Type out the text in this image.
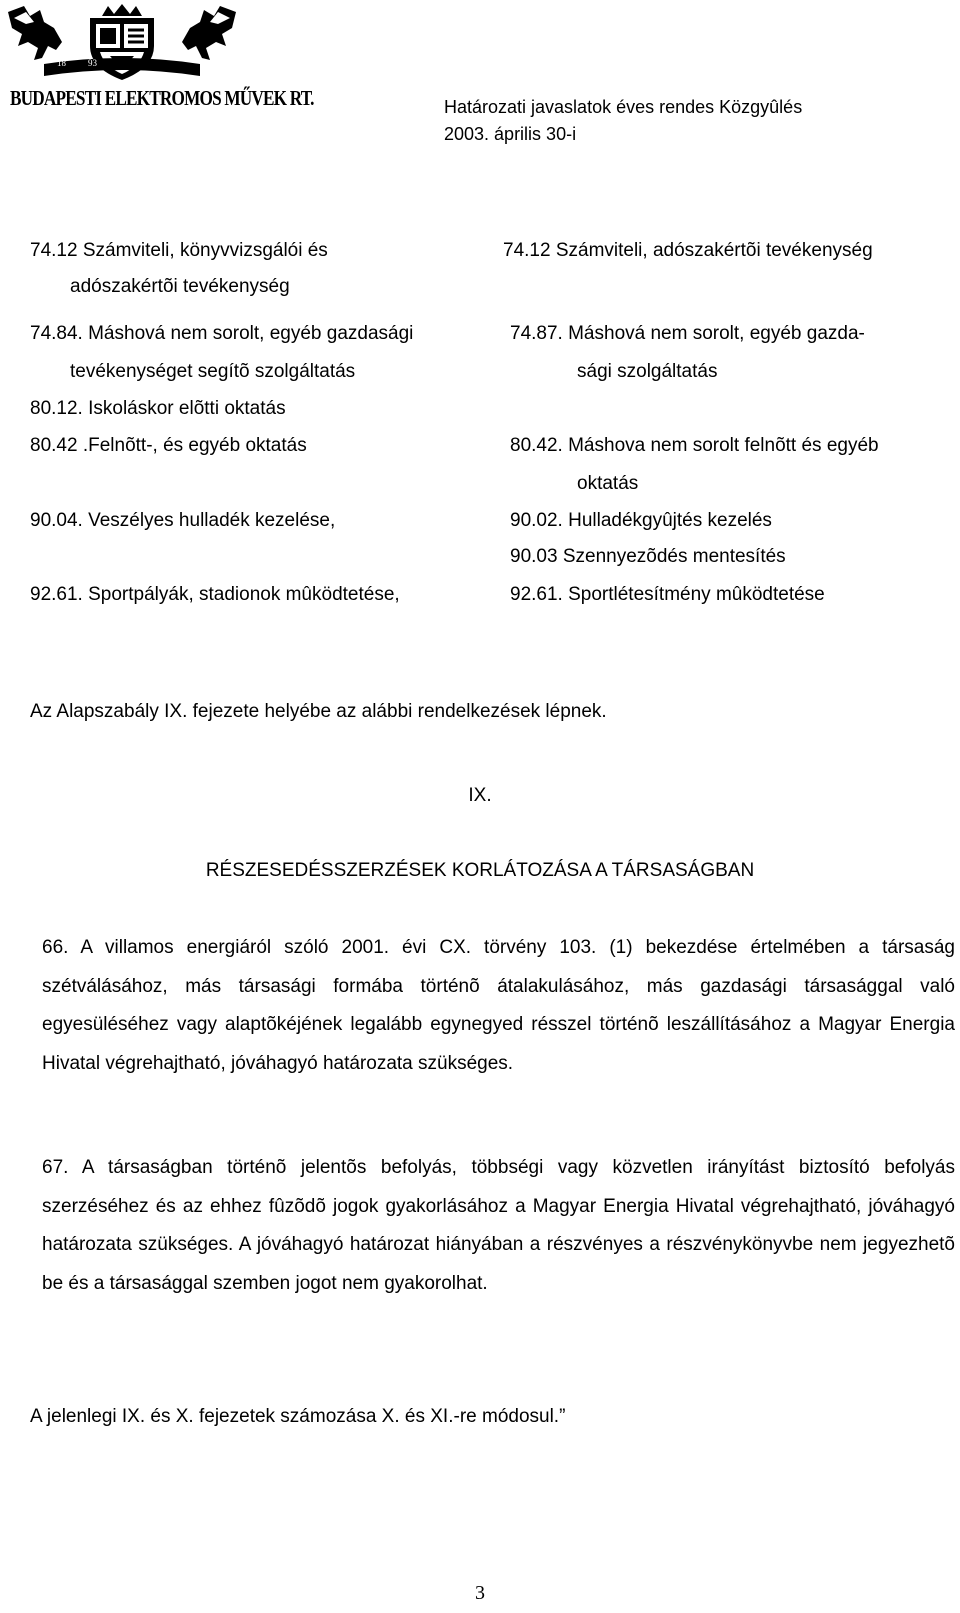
18 93
BUDAPESTI ELEKTROMOS MŰVEK RT.	Határozati javaslatok éves rendes Közgyûlés
2003. április 30-i
74.12 Számviteli, könyvvizsgálói és
adószakértõi tevékenység
74.84. Máshová nem sorolt, egyéb gazdasági
tevékenységet segítõ szolgáltatás
80.12. Iskoláskor elõtti oktatás
80.42 .Felnõtt-, és egyéb oktatás
90.04. Veszélyes hulladék kezelése,
92.61. Sportpályák, stadionok mûködtetése,
74.12 Számviteli, adószakértõi tevékenység
74.87. Máshová nem sorolt, egyéb gazda-
sági szolgáltatás
80.42. Máshova nem sorolt felnõtt és egyéb
oktatás
90.02. Hulladékgyûjtés kezelés
90.03 Szennyezõdés mentesítés
92.61. Sportlétesítmény mûködtetése
Az Alapszabály IX. fejezete helyébe az alábbi rendelkezések lépnek.
IX.
RÉSZESEDÉSSZERZÉSEK KORLÁTOZÁSA A TÁRSASÁGBAN

66. A villamos energiáról szóló 2001. évi CX. törvény 103. (1) bekezdése értelmében a társaság szétválásához, más társasági formába történõ átalakulásához, más gazdasági társasággal való egyesüléséhez vagy alaptõkéjének legalább egynegyed résszel történõ leszállításához a Magyar Energia Hivatal végrehajtható, jóváhagyó határozata szükséges.

67. A társaságban történõ jelentõs befolyás, többségi vagy közvetlen irányítást biztosító befolyás szerzéséhez és az ehhez fûzõdõ jogok gyakorlásához a Magyar Energia Hivatal végrehajtható, jóváhagyó határozata szükséges. A jóváhagyó határozat hiányában a részvényes a részvénykönyvbe nem jegyezhetõ be és a társasággal szemben jogot nem gyakorolhat.

A jelenlegi IX. és X. fejezetek számozása X. és XI.-re módosul.”
3
